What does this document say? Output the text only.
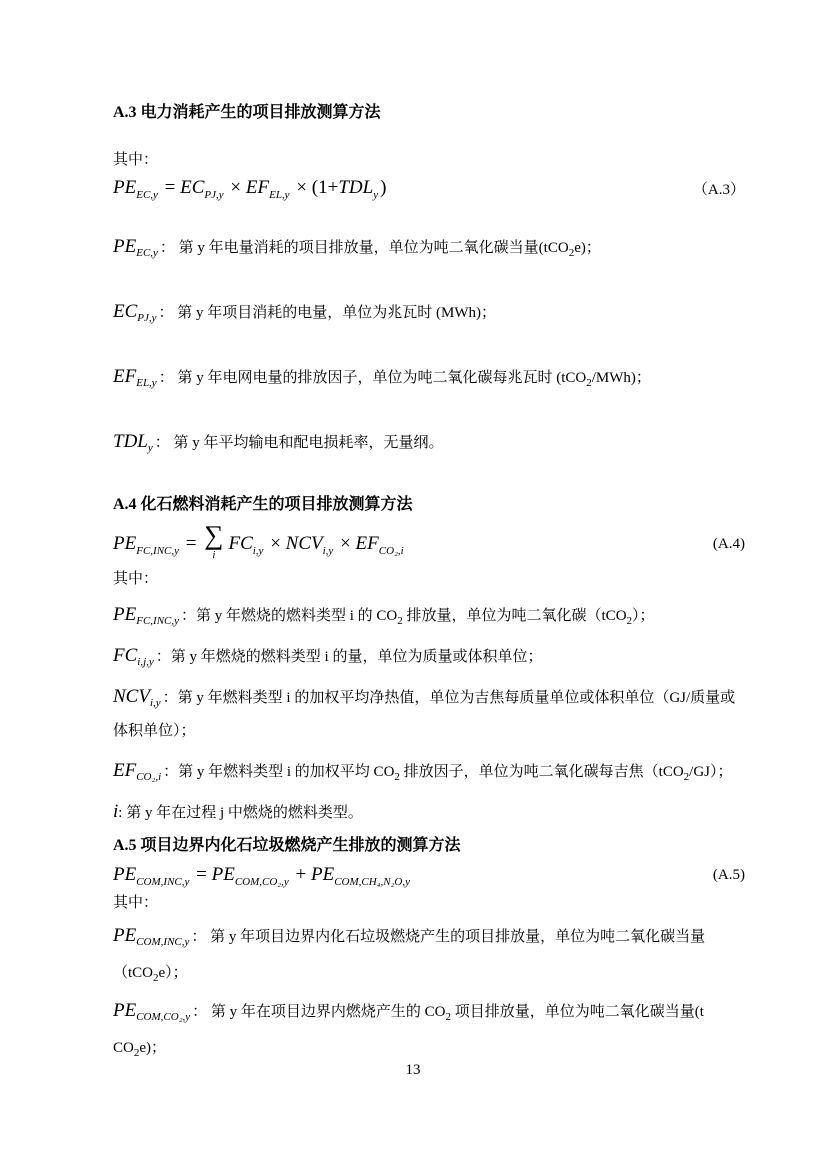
A.3 电力消耗产生的项目排放测算方法

其中：

$PE_{EC,y} = EC_{PJ,y} \times EF_{EL,y} \times (1+TDL_y$ )	（A.3）

$PE_{EC,y}$ ： 第 y 年电量消耗的项目排放量，单位为吨二氧化碳当量(tCO$_2$e)；

$EC_{PJ,y}$ ： 第 y 年项目消耗的电量，单位为兆瓦时 (MWh)；

$EF_{EL,y}$ ： 第 y 年电网电量的排放因子，单位为吨二氧化碳每兆瓦时 (tCO$_2$/MWh)；

$TDL_y$ ： 第 y 年平均输电和配电损耗率，无量纲。

A.4 化石燃料消耗产生的项目排放测算方法
$PE_{FC,INC,y}$ = ∑
i
$FC_{i,y} \times NCV_{i,y} \times EF_{CO_2,i}$	(A.4)

其中：

$PE_{FC,INC,y}$ ：第 y 年燃烧的燃料类型 i 的 $CO_2$ 排放量，单位为吨二氧化碳（tCO$_2$）；

$FC_{i,j,y}$ ：第 y 年燃烧的燃料类型 i 的量，单位为质量或体积单位；

$NCV_{i,y}$ ：第 y 年燃料类型 i 的加权平均净热值，单位为吉焦每质量单位或体积单位（GJ/质量或体积单位）；

$EF_{CO_2,i}$ ：第 y 年燃料类型 i 的加权平均 $CO_2$ 排放因子，单位为吨二氧化碳每吉焦（tCO$_2$/GJ）；

i: 第 y 年在过程 j 中燃烧的燃料类型。

A.5 项目边界内化石垃圾燃烧产生排放的测算方法
$PE_{COM,INC,y} = PE_{COM,CO_2,y} + PE_{COM,CH_4,N_2O,y}$	(A.5)

其中：

$PE_{COM,INC,y}$ ： 第 y 年项目边界内化石垃圾燃烧产生的项目排放量，单位为吨二氧化碳当量（tCO$_2$e）；

$PE_{COM,CO_2,y}$ ： 第 y 年在项目边界内燃烧产生的 $CO_2$ 项目排放量，单位为吨二氧化碳当量(t $CO_2e$)；

13
